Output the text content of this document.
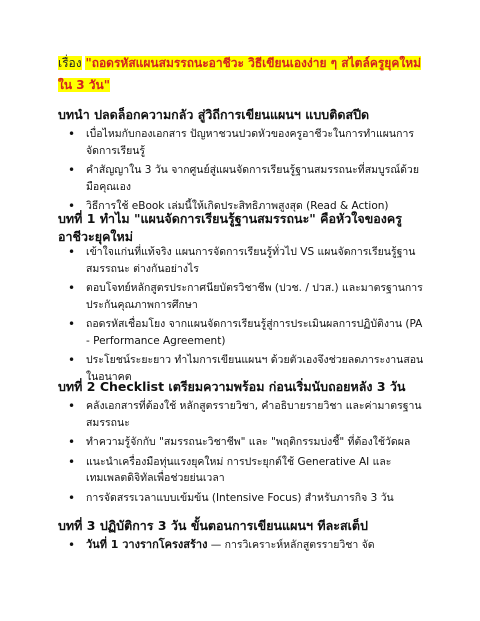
เรื่อง "ถอดรหัสแผนสมรรถนะอาชีวะ วิธีเขียนเองง่าย ๆ สไตล์ครูยุคใหม่ใน 3 วัน"
บทนำ ปลดล็อกความกลัว สู่วิถีการเขียนแผนฯ แบบติดสปีด
• เบื่อไหมกับกองเอกสาร ปัญหาชวนปวดหัวของครูอาชีวะในการทำแผนการจัดการเรียนรู้
• คำสัญญาใน 3 วัน จากศูนย์สู่แผนจัดการเรียนรู้ฐานสมรรถนะที่สมบูรณ์ด้วยมือคุณเอง
• วิธีการใช้ eBook เล่มนี้ให้เกิดประสิทธิภาพสูงสุด (Read & Action)
บทที่ 1 ทำไม "แผนจัดการเรียนรู้ฐานสมรรถนะ" คือหัวใจของครูอาชีวะยุคใหม่
• เข้าใจแก่นที่แท้จริง แผนการจัดการเรียนรู้ทั่วไป VS แผนจัดการเรียนรู้ฐานสมรรถนะ ต่างกันอย่างไร
• ตอบโจทย์หลักสูตรประกาศนียบัตรวิชาชีพ (ปวช. / ปวส.) และมาตรฐานการประกันคุณภาพการศึกษา
• ถอดรหัสเชื่อมโยง จากแผนจัดการเรียนรู้สู่การประเมินผลการปฏิบัติงาน (PA - Performance Agreement)
• ประโยชน์ระยะยาว ทำไมการเขียนแผนฯ ด้วยตัวเองจึงช่วยลดภาระงานสอนในอนาคต
บทที่ 2 Checklist เตรียมความพร้อม ก่อนเริ่มนับถอยหลัง 3 วัน
• คลังเอกสารที่ต้องใช้ หลักสูตรรายวิชา, คำอธิบายรายวิชา และค่ามาตรฐานสมรรถนะ
• ทำความรู้จักกับ "สมรรถนะวิชาชีพ" และ "พฤติกรรมบ่งชี้" ที่ต้องใช้วัดผล
• แนะนำเครื่องมือทุ่นแรงยุคใหม่ การประยุกต์ใช้ Generative AI และเทมเพลตดิจิทัลเพื่อช่วยย่นเวลา
• การจัดสรรเวลาแบบเข้มข้น (Intensive Focus) สำหรับภารกิจ 3 วัน
บทที่ 3 ปฏิบัติการ 3 วัน ขั้นตอนการเขียนแผนฯ ทีละสเต็ป
• วันที่ 1 วางรากโครงสร้าง — การวิเคราะห์หลักสูตรรายวิชา จัด
